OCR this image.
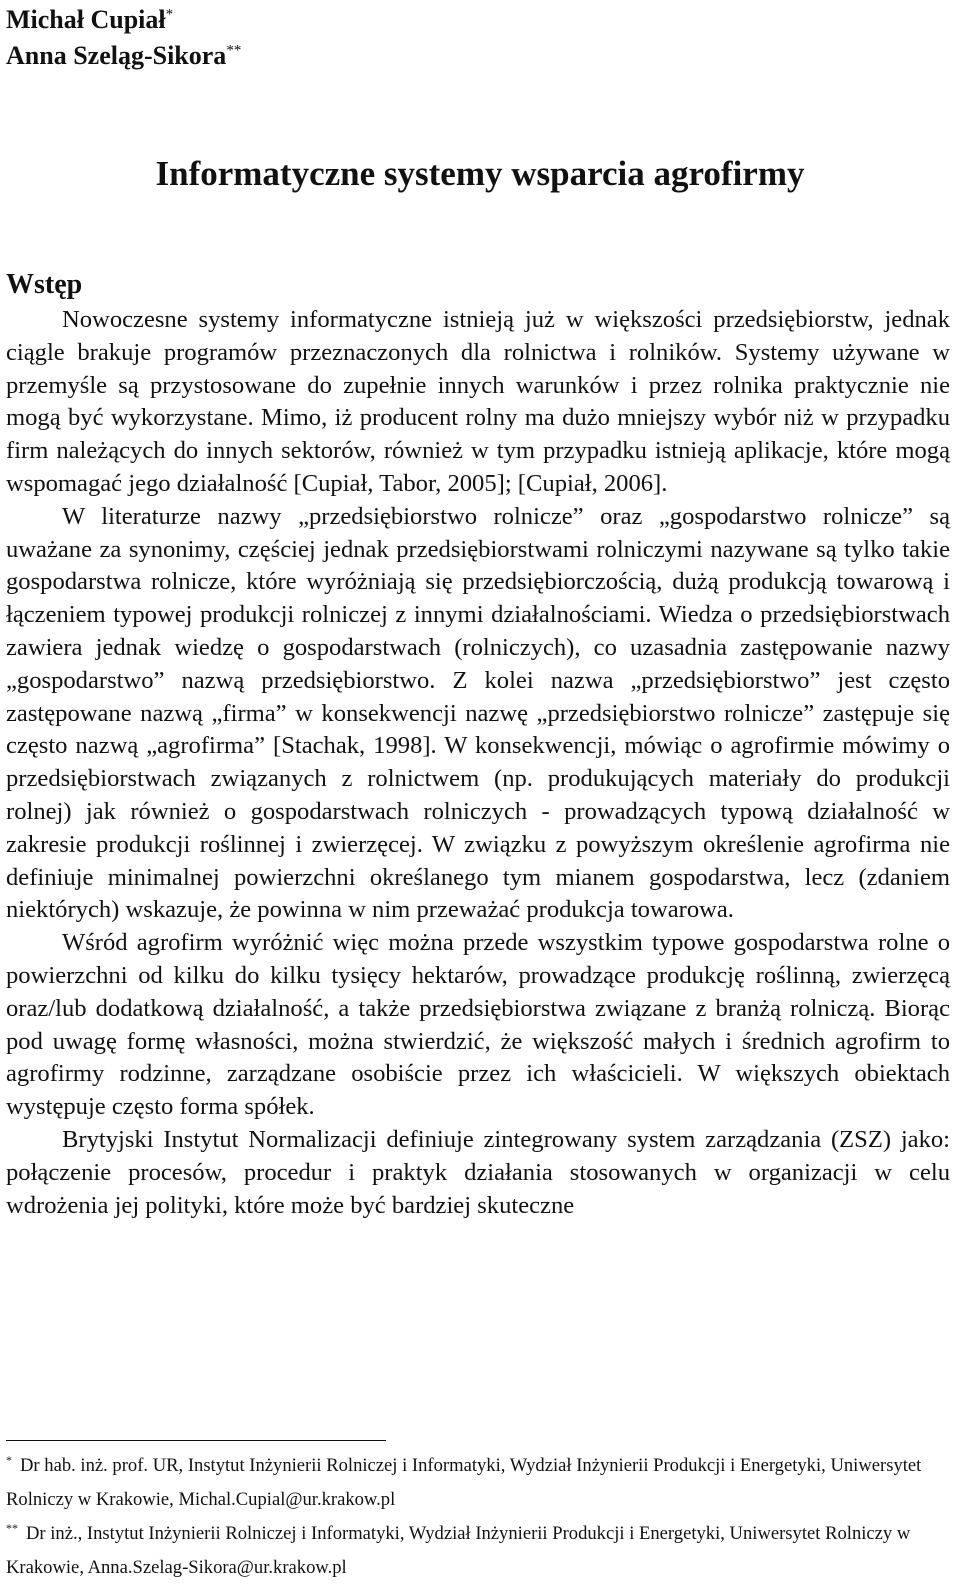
Michał Cupiał*
Anna Szeląg-Sikora**
Informatyczne systemy wsparcia agrofirmy
Wstęp

Nowoczesne systemy informatyczne istnieją już w większości przedsiębiorstw, jednak ciągle brakuje programów przeznaczonych dla rolnictwa i rolników. Systemy używane w przemyśle są przystosowane do zupełnie innych warunków i przez rolnika praktycznie nie mogą być wykorzystane. Mimo, iż producent rolny ma dużo mniejszy wybór niż w przypadku firm należących do innych sektorów, również w tym przypadku istnieją aplikacje, które mogą wspomagać jego działalność [Cupiał, Tabor, 2005]; [Cupiał, 2006].

W literaturze nazwy „przedsiębiorstwo rolnicze” oraz „gospodarstwo rolnicze” są uważane za synonimy, częściej jednak przedsiębiorstwami rolniczymi nazywane są tylko takie gospodarstwa rolnicze, które wyróżniają się przedsiębiorczością, dużą produkcją towarową i łączeniem typowej produkcji rolniczej z innymi działalnościami. Wiedza o przedsiębiorstwach zawiera jednak wiedzę o gospodarstwach (rolniczych), co uzasadnia zastępowanie nazwy „gospodarstwo” nazwą przedsiębiorstwo. Z kolei nazwa „przedsiębiorstwo” jest często zastępowane nazwą „firma” w konsekwencji nazwę „przedsiębiorstwo rolnicze” zastępuje się często nazwą „agrofirma” [Stachak, 1998]. W konsekwencji, mówiąc o agrofirmie mówimy o przedsiębiorstwach związanych z rolnictwem (np. produkujących materiały do produkcji rolnej) jak również o gospodarstwach rolniczych - prowadzących typową działalność w zakresie produkcji roślinnej i zwierzęcej. W związku z powyższym określenie agrofirma nie definiuje minimalnej powierzchni określanego tym mianem gospodarstwa, lecz (zdaniem niektórych) wskazuje, że powinna w nim przeważać produkcja towarowa.

Wśród agrofirm wyróżnić więc można przede wszystkim typowe gospodarstwa rolne o powierzchni od kilku do kilku tysięcy hektarów, prowadzące produkcję roślinną, zwierzęcą oraz/lub dodatkową działalność, a także przedsiębiorstwa związane z branżą rolniczą. Biorąc pod uwagę formę własności, można stwierdzić, że większość małych i średnich agrofirm to agrofirmy rodzinne, zarządzane osobiście przez ich właścicieli. W większych obiektach występuje często forma spółek.

Brytyjski Instytut Normalizacji definiuje zintegrowany system zarządzania (ZSZ) jako: połączenie procesów, procedur i praktyk działania stosowanych w organizacji w celu wdrożenia jej polityki, które może być bardziej skuteczne

* Dr hab. inż. prof. UR, Instytut Inżynierii Rolniczej i Informatyki, Wydział Inżynierii Produkcji i Energetyki, Uniwersytet Rolniczy w Krakowie, Michal.Cupial@ur.krakow.pl

** Dr inż., Instytut Inżynierii Rolniczej i Informatyki, Wydział Inżynierii Produkcji i Energetyki, Uniwersytet Rolniczy w Krakowie, Anna.Szelag-Sikora@ur.krakow.pl
